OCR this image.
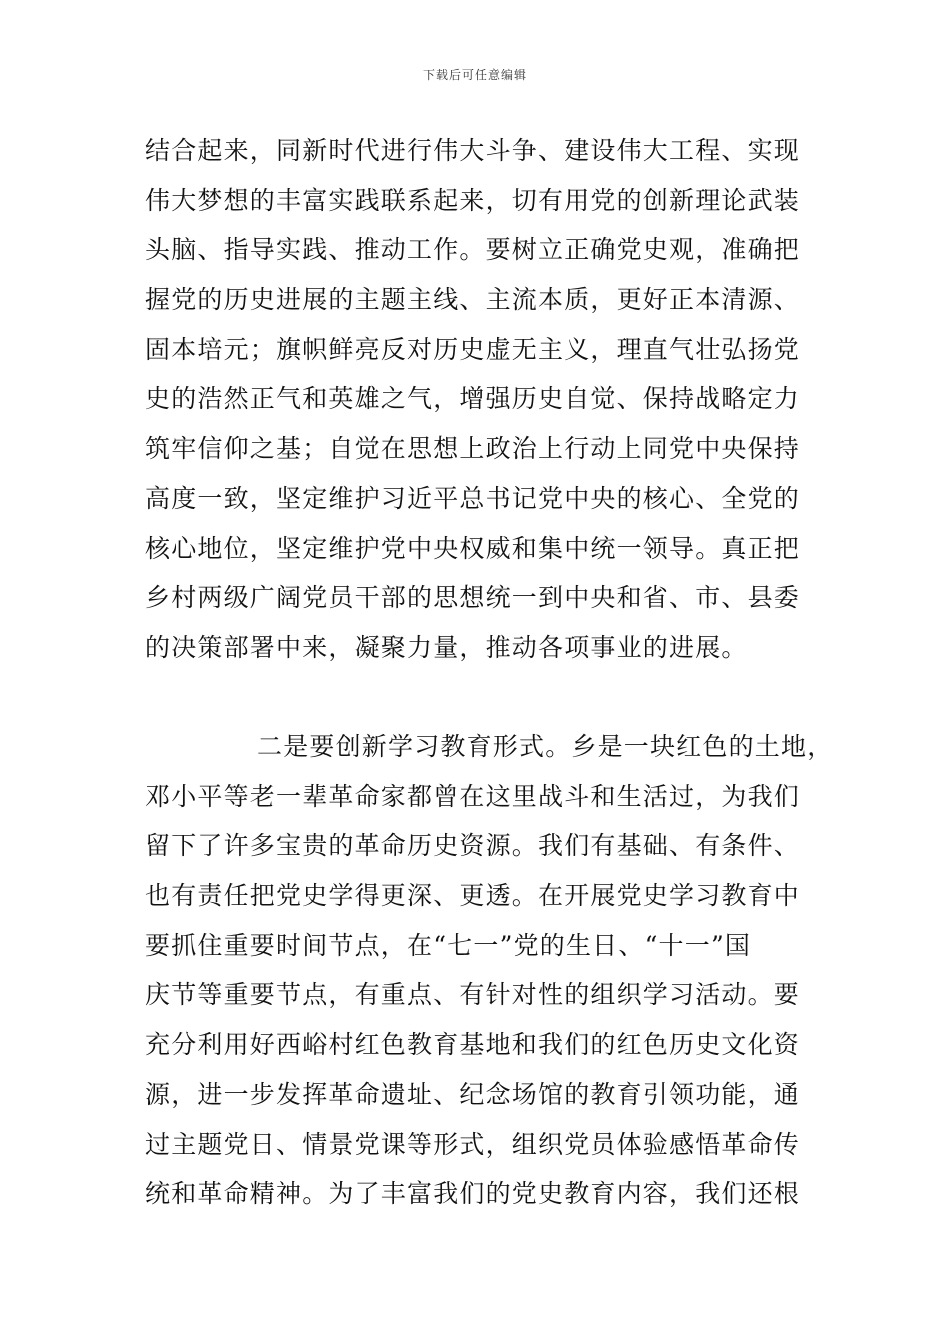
下载后可任意编辑
结合起来，同新时代进行伟大斗争、建设伟大工程、实现
伟大梦想的丰富实践联系起来，切有用党的创新理论武装
头脑、指导实践、推动工作。要树立正确党史观，准确把
握党的历史进展的主题主线、主流本质，更好正本清源、
固本培元；旗帜鲜亮反对历史虚无主义，理直气壮弘扬党
史的浩然正气和英雄之气，增强历史自觉、保持战略定力
筑牢信仰之基；自觉在思想上政治上行动上同党中央保持
高度一致，坚定维护习近平总书记党中央的核心、全党的
核心地位，坚定维护党中央权威和集中统一领导。真正把
乡村两级广阔党员干部的思想统一到中央和省、市、县委
的决策部署中来，凝聚力量，推动各项事业的进展。
二是要创新学习教育形式。乡是一块红色的土地，
邓小平等老一辈革命家都曾在这里战斗和生活过，为我们
留下了许多宝贵的革命历史资源。我们有基础、有条件、
也有责任把党史学得更深、更透。在开展党史学习教育中
要抓住重要时间节点，在“七一”党的生日、“十一”国
庆节等重要节点，有重点、有针对性的组织学习活动。要
充分利用好西峪村红色教育基地和我们的红色历史文化资
源，进一步发挥革命遗址、纪念场馆的教育引领功能，通
过主题党日、情景党课等形式，组织党员体验感悟革命传
统和革命精神。为了丰富我们的党史教育内容，我们还根
